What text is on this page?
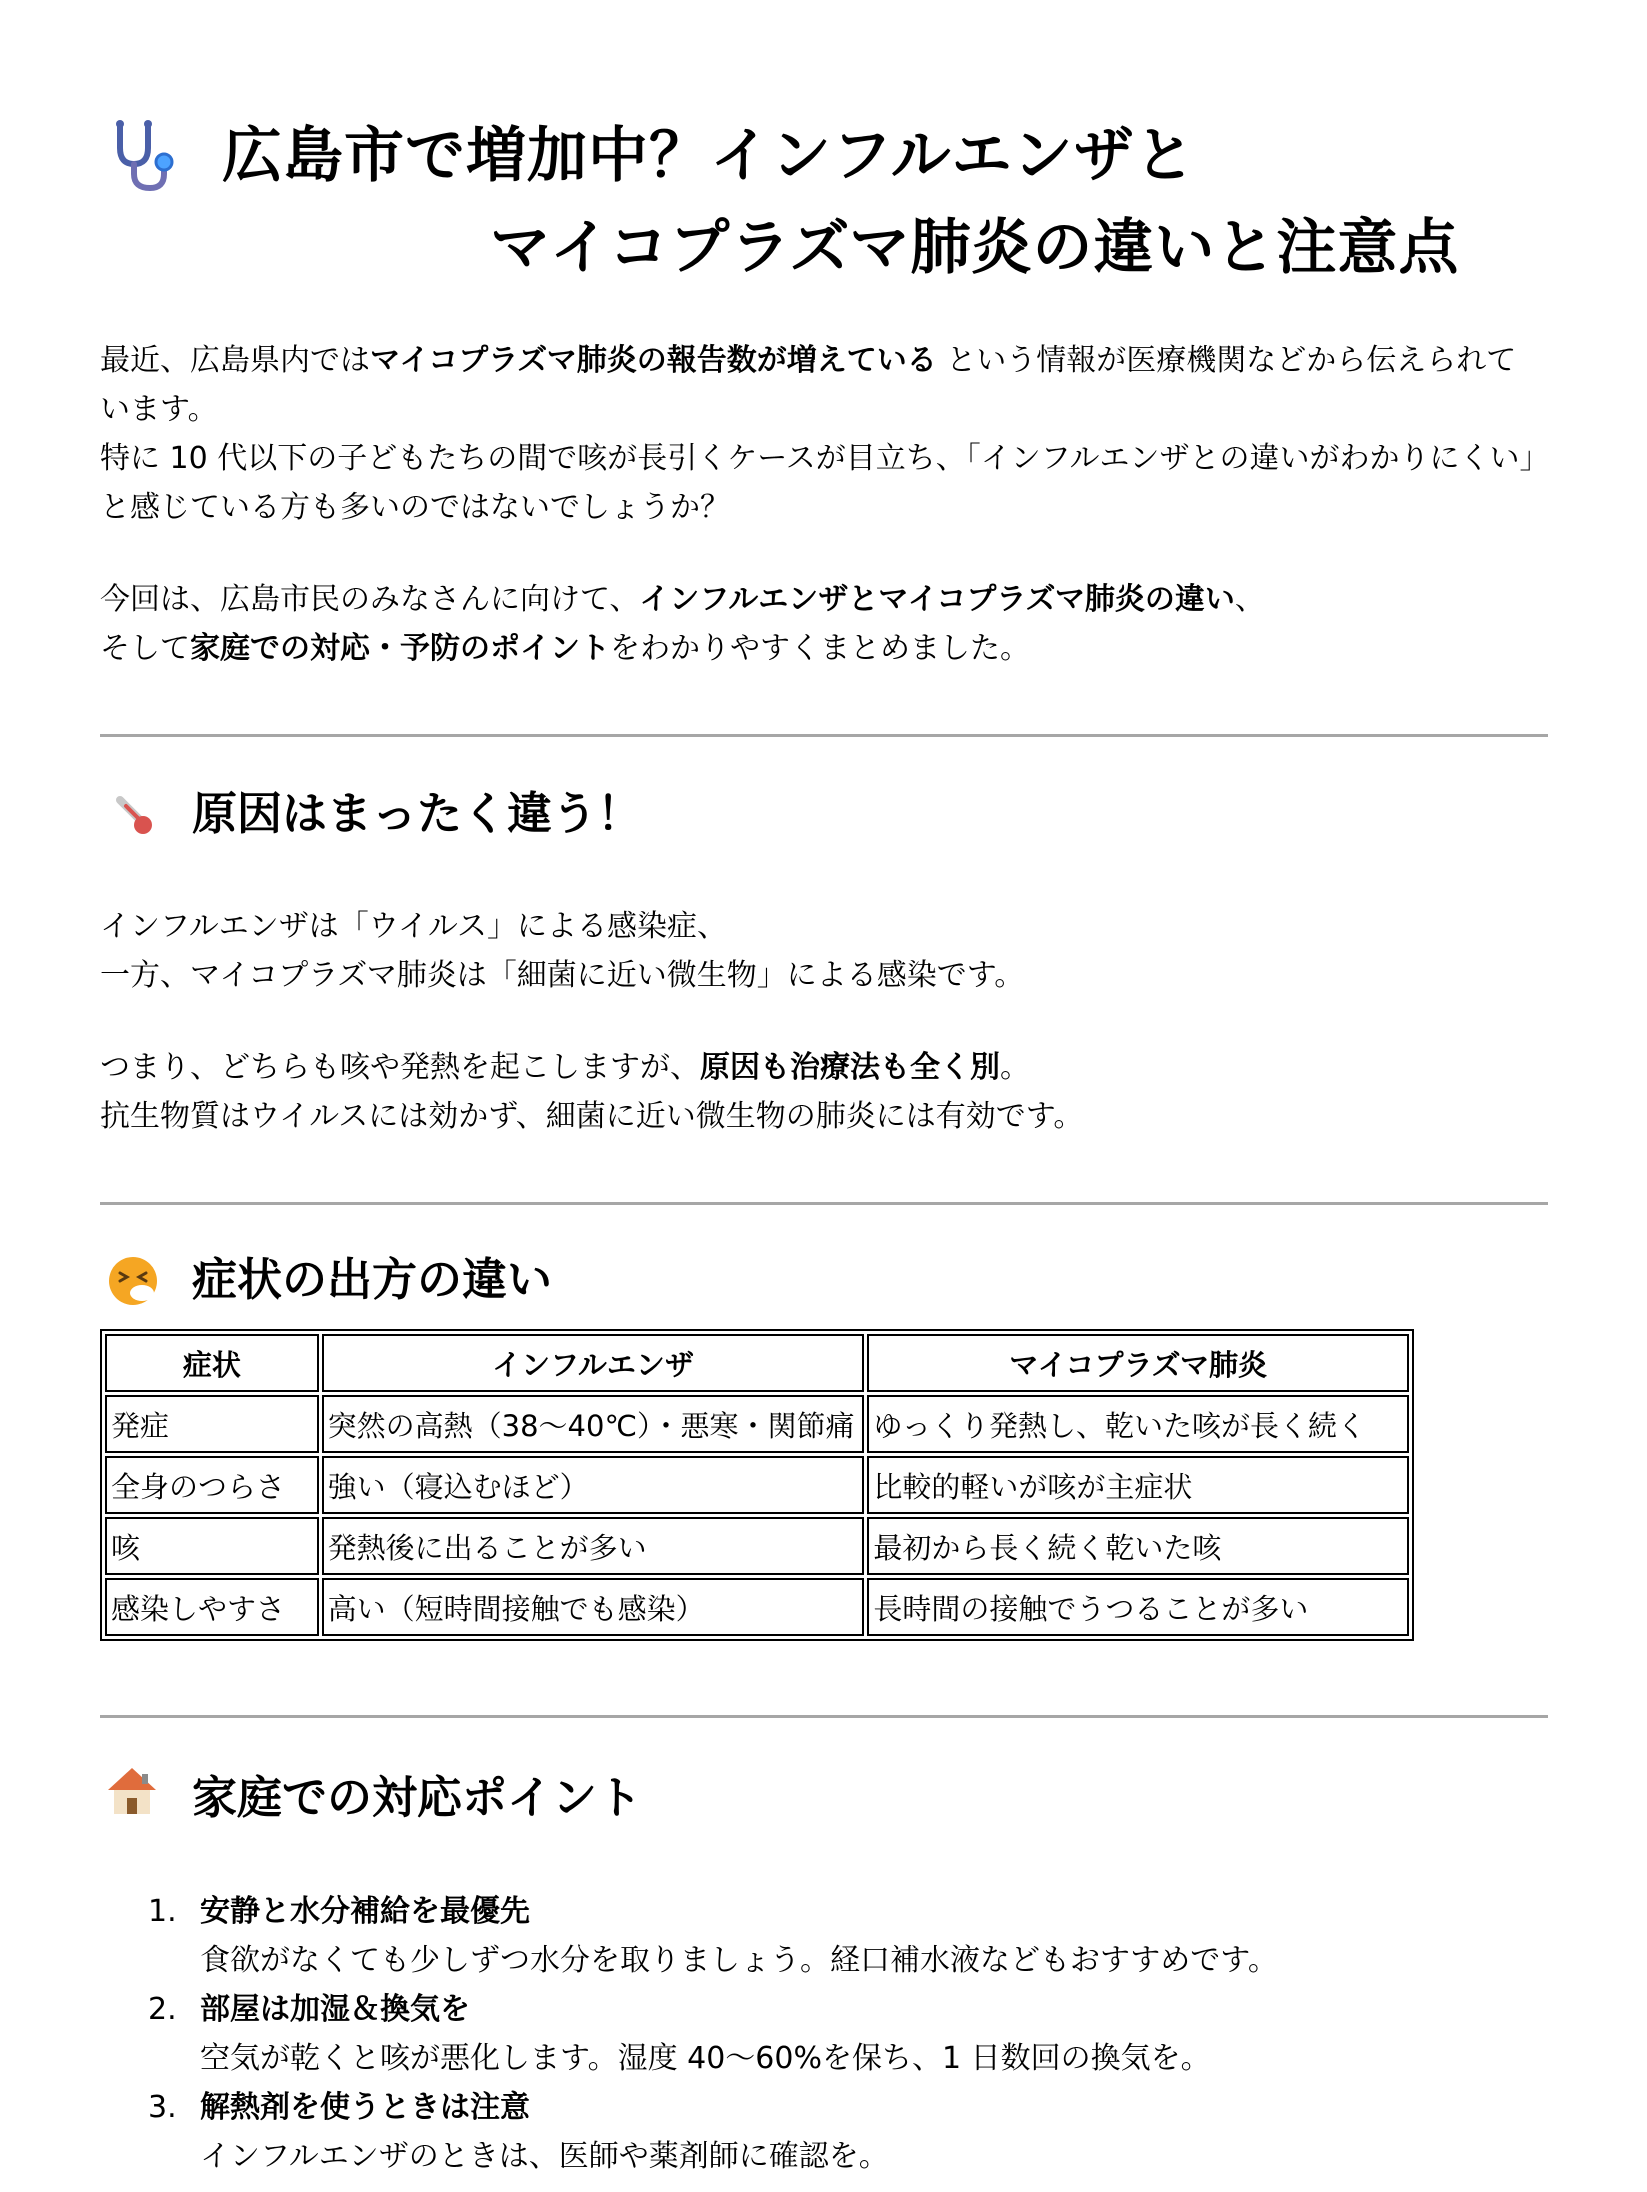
広島市で増加中？インフルエンザと
マイコプラズマ肺炎の違いと注意点
最近、広島県内ではマイコプラズマ肺炎の報告数が増えている という情報が医療機関などから伝えられて
います。
特に 10 代以下の子どもたちの間で咳が長引くケースが目立ち、「インフルエンザとの違いがわかりにくい」
と感じている方も多いのではないでしょうか？
今回は、広島市民のみなさんに向けて、インフルエンザとマイコプラズマ肺炎の違い、
そして家庭での対応・予防のポイントをわかりやすくまとめました。
原因はまったく違う！
インフルエンザは「ウイルス」による感染症、
一方、マイコプラズマ肺炎は「細菌に近い微生物」による感染です。
つまり、どちらも咳や発熱を起こしますが、原因も治療法も全く別。
抗生物質はウイルスには効かず、細菌に近い微生物の肺炎には有効です。
症状の出方の違い
症状	インフルエンザ	マイコプラズマ肺炎
発症	突然の高熱（38〜40℃）・悪寒・関節痛	ゆっくり発熱し、乾いた咳が長く続く
全身のつらさ	強い（寝込むほど）	比較的軽いが咳が主症状
咳	発熱後に出ることが多い	最初から長く続く乾いた咳
感染しやすさ	高い（短時間接触でも感染）	長時間の接触でうつることが多い
家庭での対応ポイント
1. 安静と水分補給を最優先
食欲がなくても少しずつ水分を取りましょう。経口補水液などもおすすめです。
2. 部屋は加湿＆換気を
空気が乾くと咳が悪化します。湿度 40〜60%を保ち、1 日数回の換気を。
3. 解熱剤を使うときは注意
インフルエンザのときは、医師や薬剤師に確認を。
